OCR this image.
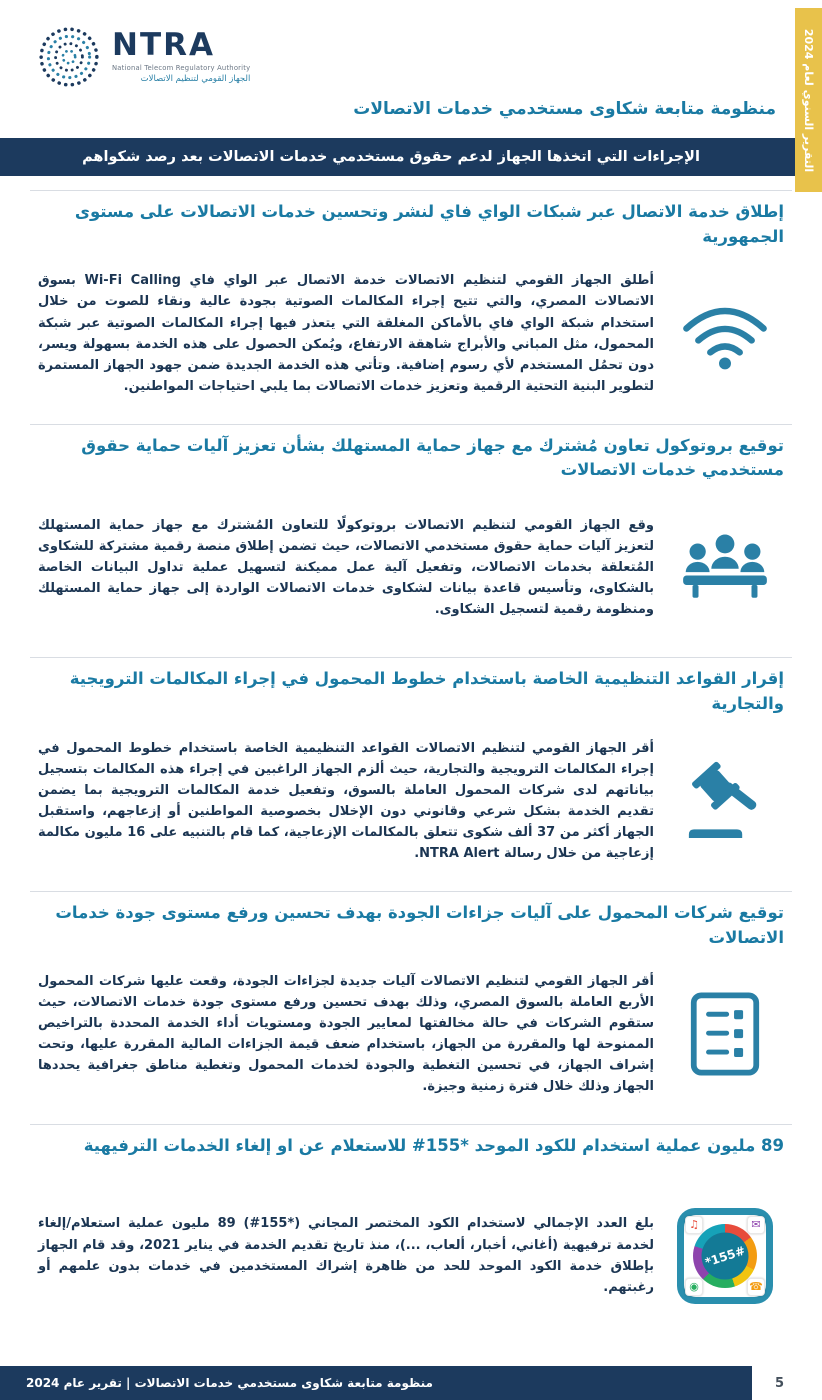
NTRA
National Telecom Regulatory Authority
الجهاز القومي لتنظيم الاتصالات
التقرير السنوي لعام 2024
منظومة متابعة شكاوى مستخدمي خدمات الاتصالات
الإجراءات التي اتخذها الجهاز لدعم حقوق مستخدمي خدمات الاتصالات بعد رصد شكواهم
إطلاق خدمة الاتصال عبر شبكات الواي فاي لنشر وتحسين خدمات الاتصالات على مستوى الجمهورية

أطلق الجهاز القومي لتنظيم الاتصالات خدمة الاتصال عبر الواي فاي Wi-Fi Calling بسوق الاتصالات المصري، والتي تتيح إجراء المكالمات الصوتية بجودة عالية ونقاء للصوت من خلال استخدام شبكة الواي فاي بالأماكن المغلقة التي يتعذر فيها إجراء المكالمات الصوتية عبر شبكة المحمول، مثل المباني والأبراج شاهقة الارتفاع، ويُمكن الحصول على هذه الخدمة بسهولة ويسر، دون تحمُل المستخدم لأي رسوم إضافية. وتأتي هذه الخدمة الجديدة ضمن جهود الجهاز المستمرة لتطوير البنية التحتية الرقمية وتعزيز خدمات الاتصالات بما يلبي احتياجات المواطنين.

توقيع بروتوكول تعاون مُشترك مع جهاز حماية المستهلك بشأن تعزيز آليات حماية حقوق مستخدمي خدمات الاتصالات

وقع الجهاز القومي لتنظيم الاتصالات بروتوكولًا للتعاون المُشترك مع جهاز حماية المستهلك لتعزيز آليات حماية حقوق مستخدمي الاتصالات، حيث تضمن إطلاق منصة رقمية مشتركة للشكاوى المُتعلقة بخدمات الاتصالات، وتفعيل آلية عمل مميكنة لتسهيل عملية تداول البيانات الخاصة بالشكاوى، وتأسيس قاعدة بيانات لشكاوى خدمات الاتصالات الواردة إلى جهاز حماية المستهلك ومنظومة رقمية لتسجيل الشكاوى.

إقرار القواعد التنظيمية الخاصة باستخدام خطوط المحمول في إجراء المكالمات الترويجية والتجارية

أقر الجهاز القومي لتنظيم الاتصالات القواعد التنظيمية الخاصة باستخدام خطوط المحمول في إجراء المكالمات الترويجية والتجارية، حيث ألزم الجهاز الراغبين في إجراء هذه المكالمات بتسجيل بياناتهم لدى شركات المحمول العاملة بالسوق، وتفعيل خدمة المكالمات الترويجية بما يضمن تقديم الخدمة بشكل شرعي وقانوني دون الإخلال بخصوصية المواطنين أو إزعاجهم، واستقبل الجهاز أكثر من 37 ألف شكوى تتعلق بالمكالمات الإزعاجية، كما قام بالتنبيه على 16 مليون مكالمة إزعاجية من خلال رسالة NTRA Alert.

توقيع شركات المحمول على آليات جزاءات الجودة بهدف تحسين ورفع مستوى جودة خدمات الاتصالات

أقر الجهاز القومي لتنظيم الاتصالات آليات جديدة لجزاءات الجودة، وقعت عليها شركات المحمول الأربع العاملة بالسوق المصري، وذلك بهدف تحسين ورفع مستوى جودة خدمات الاتصالات، حيث ستقوم الشركات في حالة مخالفتها لمعايير الجودة ومستويات أداء الخدمة المحددة بالتراخيص الممنوحة لها والمقررة من الجهاز، باستخدام ضعف قيمة الجزاءات المالية المقررة عليها، وتحت إشراف الجهاز، في تحسين التغطية والجودة لخدمات المحمول وتغطية مناطق جغرافية يحددها الجهاز وذلك خلال فترة زمنية وجيزة.

89 مليون عملية استخدام للكود الموحد *155# للاستعلام عن او إلغاء الخدمات الترفيهية
♫	✉
◉	☎
*155#

بلغ العدد الإجمالي لاستخدام الكود المختصر المجاني (*155#) 89 مليون عملية استعلام/إلغاء لخدمة ترفيهية (أغاني، أخبار، ألعاب، ...)، منذ تاريخ تقديم الخدمة في يناير 2021، وقد قام الجهاز بإطلاق خدمة الكود الموحد للحد من ظاهرة إشراك المستخدمين في خدمات بدون علمهم أو رغبتهم.

منظومة متابعة شكاوى مستخدمي خدمات الاتصالات | تقرير عام 2024	5
